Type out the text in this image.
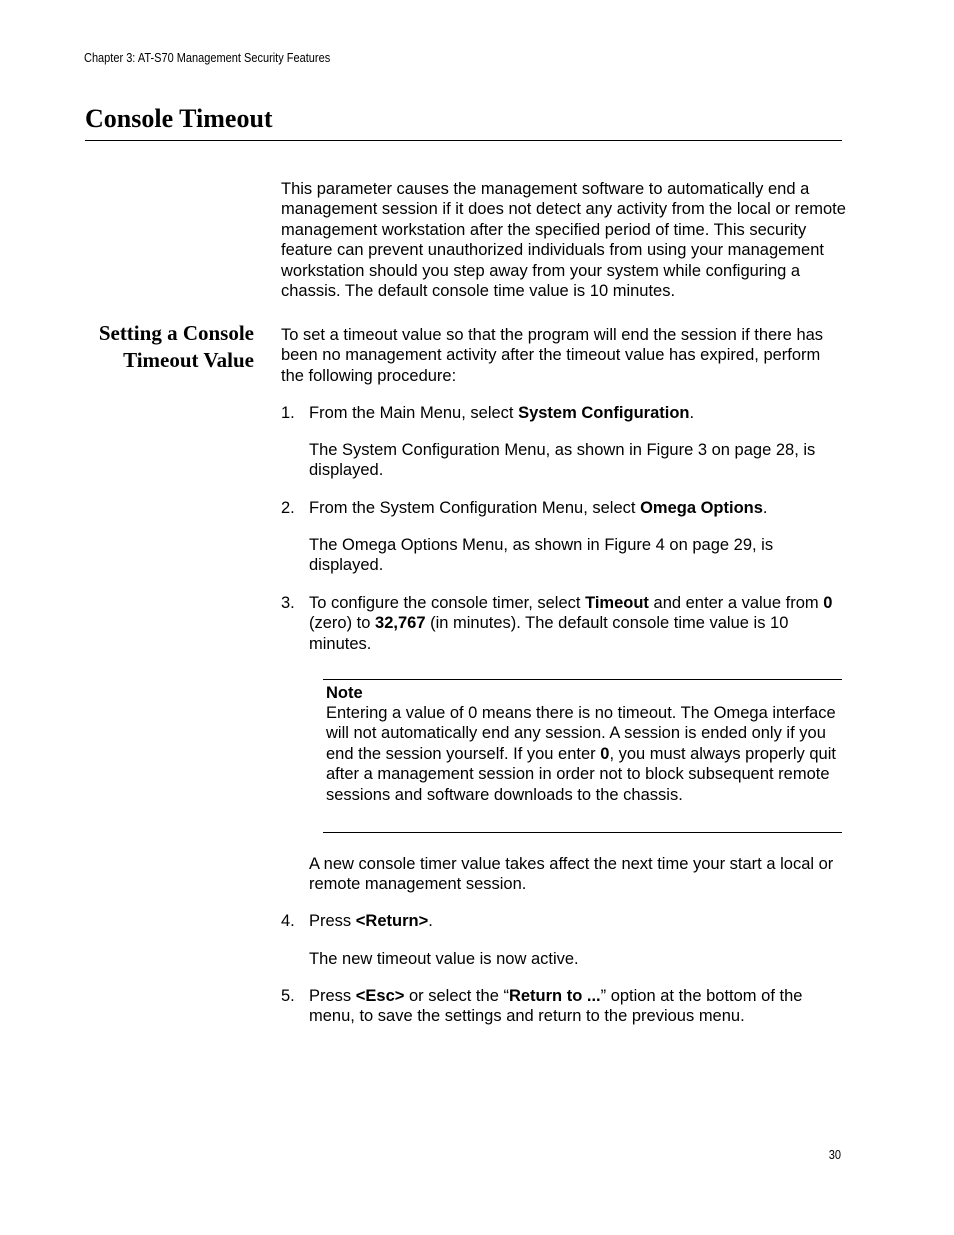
Chapter 3: AT-S70 Management Security Features
Console Timeout

This parameter causes the management software to automatically end a management session if it does not detect any activity from the local or remote management workstation after the specified period of time. This security feature can prevent unauthorized individuals from using your management workstation should you step away from your system while configuring a chassis. The default console time value is 10 minutes.

Setting a Console
Timeout Value

To set a timeout value so that the program will end the session if there has been no management activity after the timeout value has expired, perform the following procedure:

1. From the Main Menu, select System Configuration.

The System Configuration Menu, as shown in Figure 3 on page 28, is displayed.

2. From the System Configuration Menu, select Omega Options.

The Omega Options Menu, as shown in Figure 4 on page 29, is displayed.

3. To configure the console timer, select Timeout and enter a value from 0 (zero) to 32,767 (in minutes). The default console time value is 10 minutes.

Note

Entering a value of 0 means there is no timeout. The Omega interface will not automatically end any session. A session is ended only if you end the session yourself. If you enter 0, you must always properly quit after a management session in order not to block subsequent remote sessions and software downloads to the chassis.

A new console timer value takes affect the next time your start a local or remote management session.

4. Press <Return>.

The new timeout value is now active.

5. Press <Esc> or select the “Return to ...” option at the bottom of the menu, to save the settings and return to the previous menu.

30
